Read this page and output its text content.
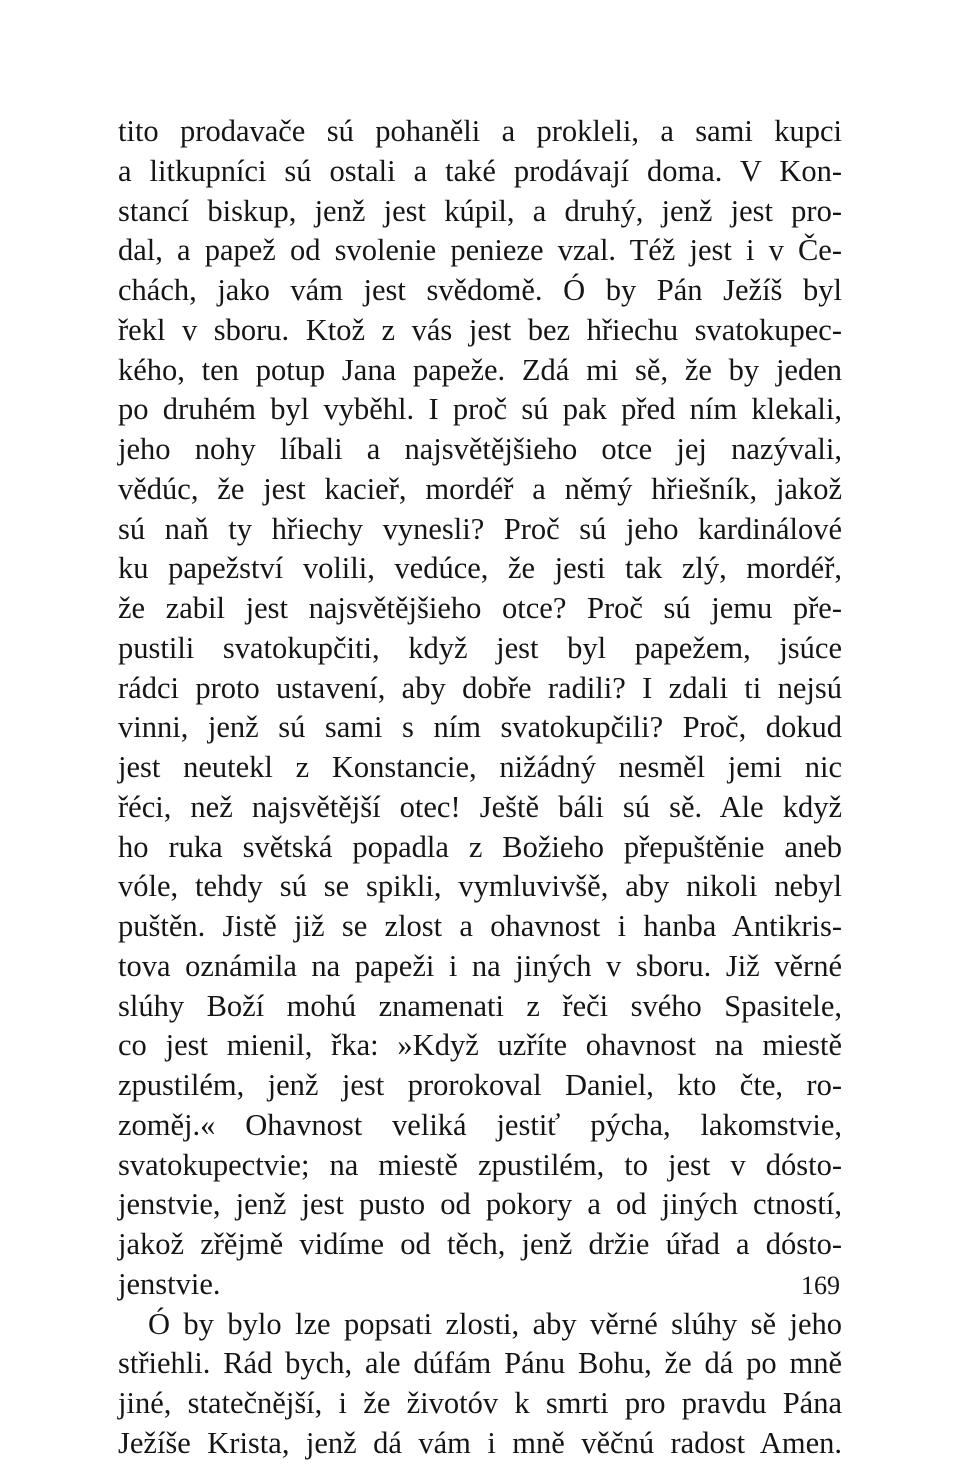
tito prodavače sú pohaněli a prokleli, a sami kupci
a litkupníci sú ostali a také prodávají doma. V Kon-
stancí biskup, jenž jest kúpil, a druhý, jenž jest pro-
dal, a papež od svolenie penieze vzal. Též jest i v Če-
chách, jako vám jest svědomě. Ó by Pán Ježíš byl
řekl v sboru. Ktož z vás jest bez hřiechu svatokupec-
kého, ten potup Jana papeže. Zdá mi sě, že by jeden
po druhém byl vyběhl. I proč sú pak před ním klekali,
jeho nohy líbali a najsvětějšieho otce jej nazývali,
vědúc, že jest kacieř, mordéř a němý hřiešník, jakož
sú naň ty hřiechy vynesli? Proč sú jeho kardinálové
ku papežství volili, vedúce, že jesti tak zlý, mordéř,
že zabil jest najsvětějšieho otce? Proč sú jemu pře-
pustili svatokupčiti, když jest byl papežem, jsúce
rádci proto ustavení, aby dobře radili? I zdali ti nejsú
vinni, jenž sú sami s ním svatokupčili? Proč, dokud
jest neutekl z Konstancie, nižádný nesměl jemi nic
řéci, než najsvětější otec! Ještě báli sú sě. Ale když
ho ruka světská popadla z Božieho přepuštěnie aneb
vóle, tehdy sú se spikli, vymluvivšě, aby nikoli nebyl
puštěn. Jistě již se zlost a ohavnost i hanba Antikris-
tova oznámila na papeži i na jiných v sboru. Již věrné
slúhy Boží mohú znamenati z řeči svého Spasitele,
co jest mienil, řka: »Když uzříte ohavnost na miestě
zpustilém, jenž jest prorokoval Daniel, kto čte, ro-
zoměj.« Ohavnost veliká jestiť pýcha, lakomstvie,
svatokupectvie; na miestě zpustilém, to jest v dósto-
jenstvie, jenž jest pusto od pokory a od jiných ctností,
jakož zřějmě vidíme od těch, jenž držie úřad a dósto-
jenstvie.
Ó by bylo lze popsati zlosti, aby věrné slúhy sě jeho
střiehli. Rád bych, ale dúfám Pánu Bohu, že dá po mně
jiné, statečnější, i že životóv k smrti pro pravdu Pána
Ježíše Krista, jenž dá vám i mně věčnú radost Amen.
169
